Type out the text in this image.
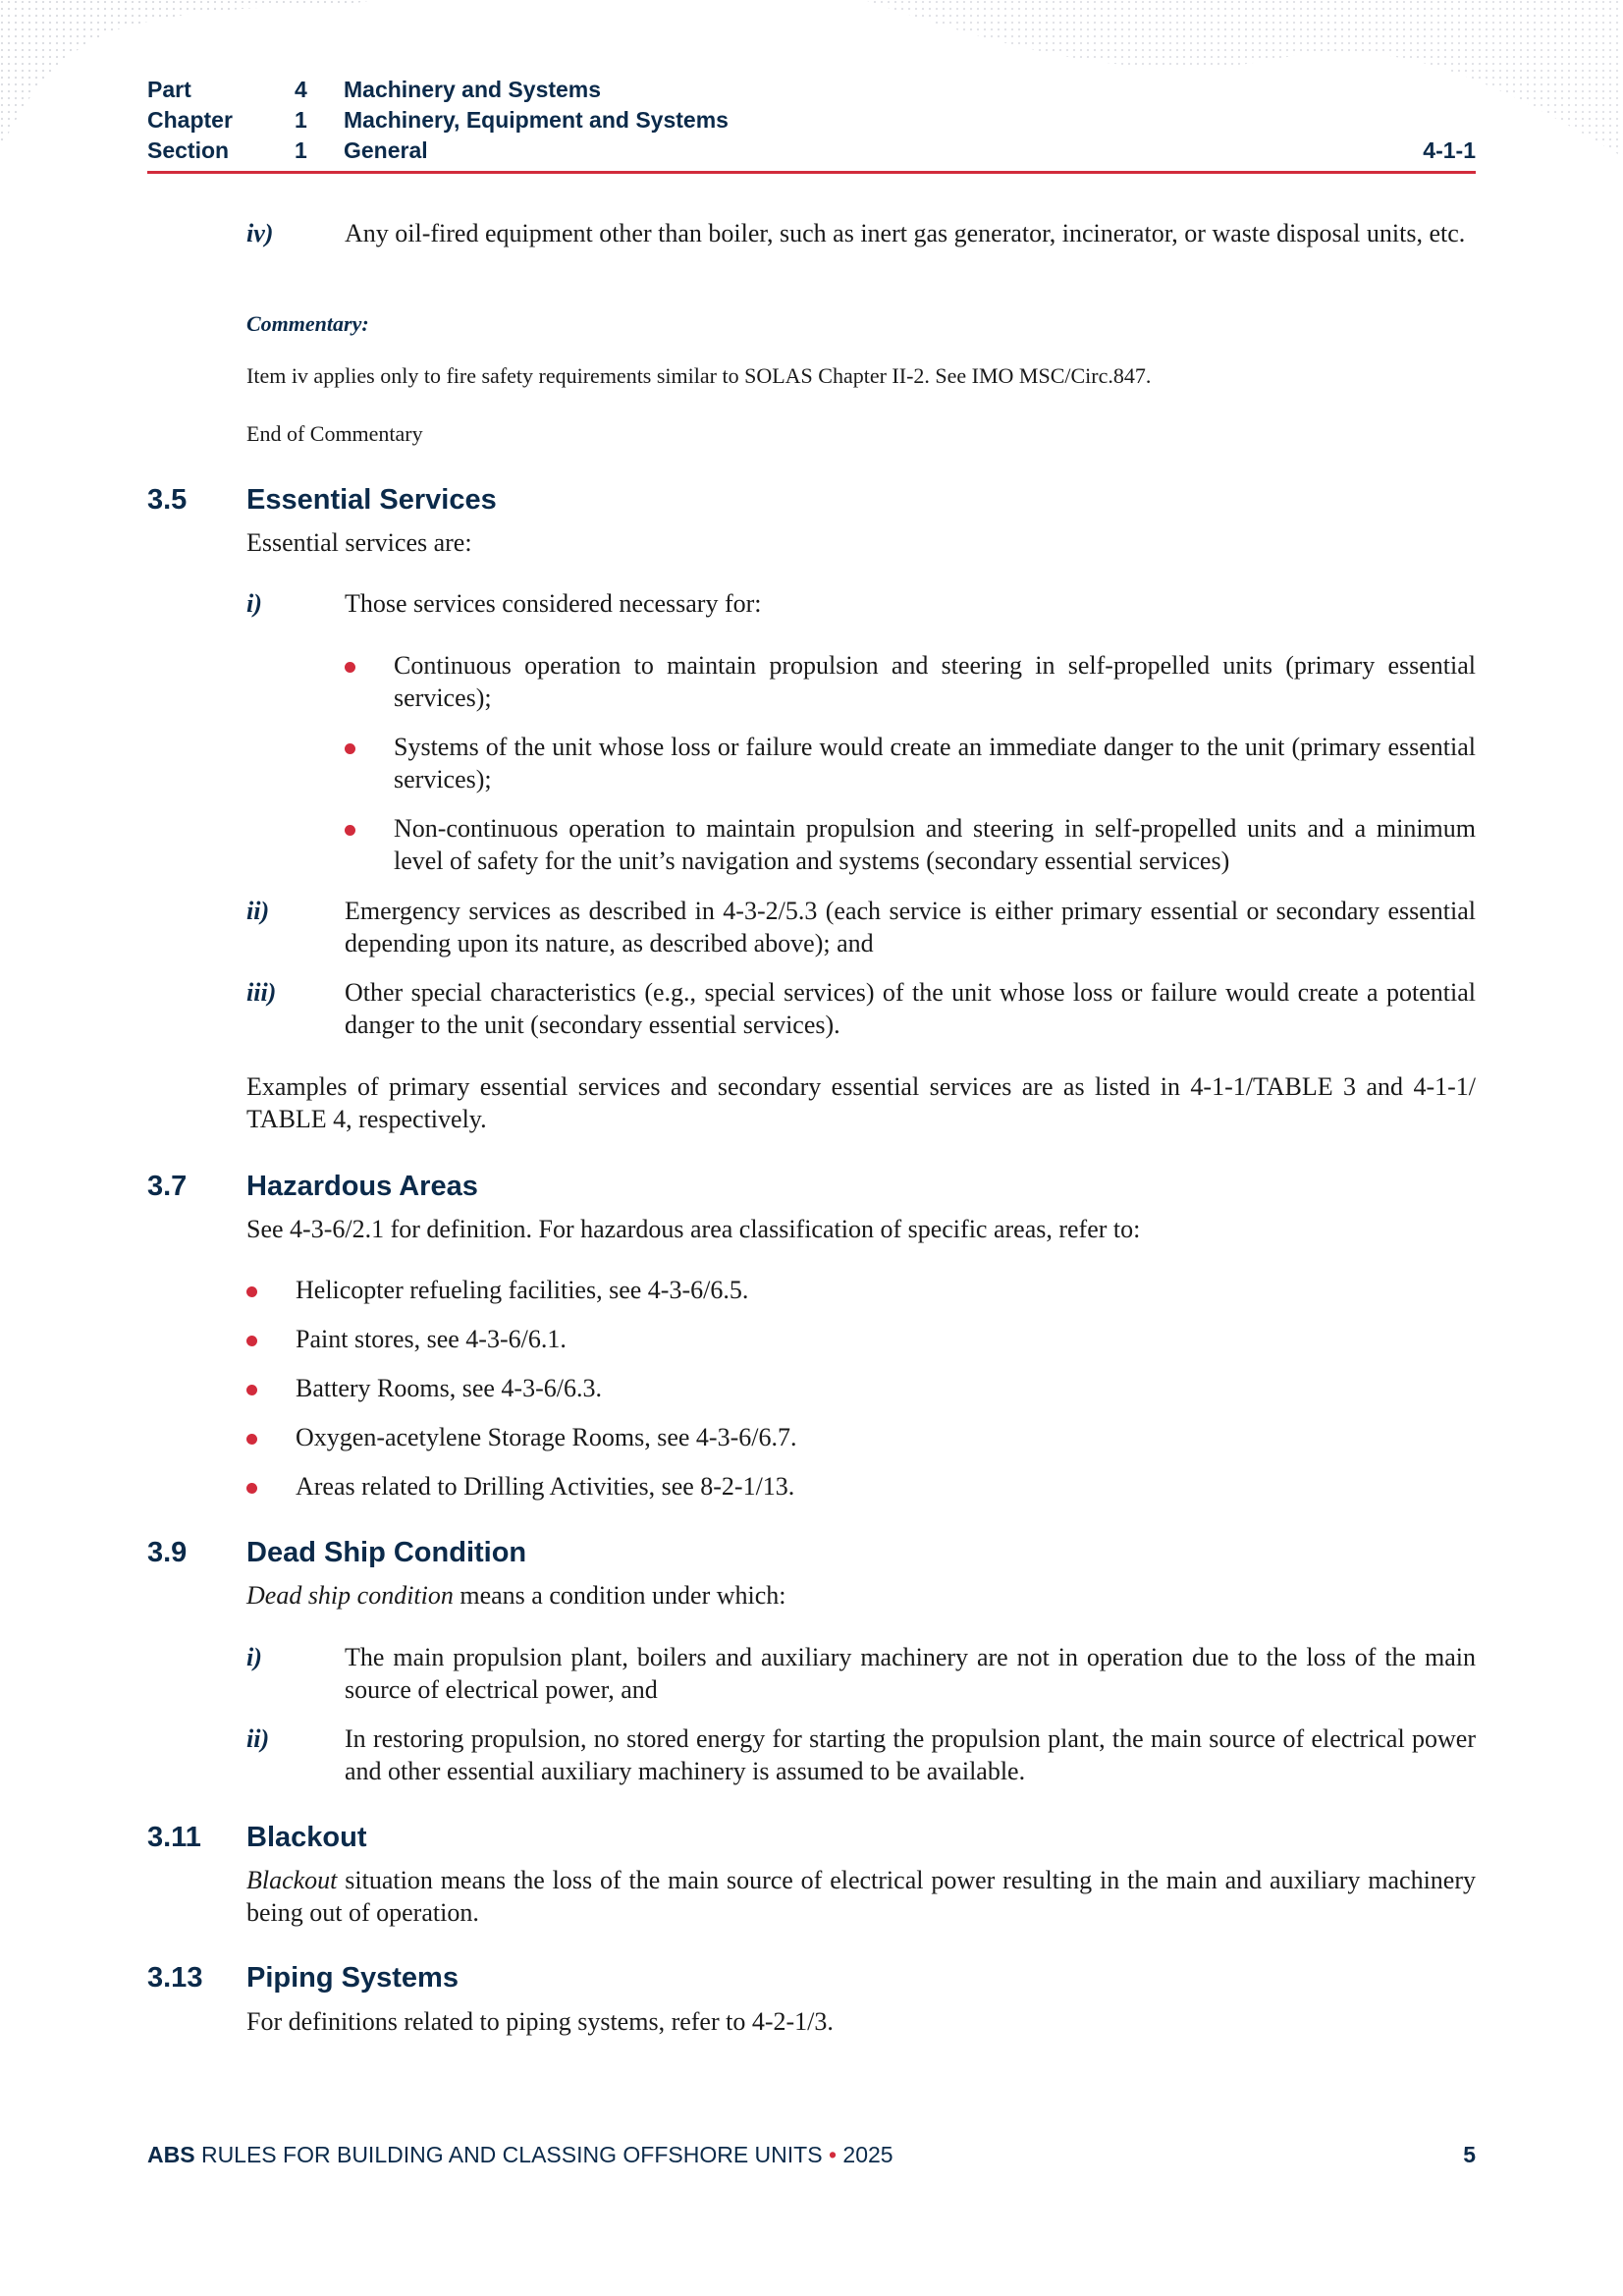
Part	4 Machinery and Systems
Chapter	1 Machinery, Equipment and Systems
Section	1 General	4-1-1
iv)	Any oil-fired equipment other than boiler, such as inert gas generator, incinerator, or waste disposal units, etc.
Commentary:
Item iv applies only to fire safety requirements similar to SOLAS Chapter II-2. See IMO MSC/Circ.847.
End of Commentary
3.5 Essential Services
Essential services are:
i)	Those services considered necessary for:
Continuous operation to maintain propulsion and steering in self-propelled units (primary essential services);
Systems of the unit whose loss or failure would create an immediate danger to the unit (primary essential services);
Non-continuous operation to maintain propulsion and steering in self-propelled units and a minimum level of safety for the unit’s navigation and systems (secondary essential services)
ii)	Emergency services as described in 4-3-2/5.3 (each service is either primary essential or secondary essential depending upon its nature, as described above); and
iii)	Other special characteristics (e.g., special services) of the unit whose loss or failure would create a potential danger to the unit (secondary essential services).
Examples of primary essential services and secondary essential services are as listed in 4-1-1/TABLE 3 and 4-1-1/ TABLE 4, respectively.
3.7 Hazardous Areas
See 4-3-6/2.1 for definition. For hazardous area classification of specific areas, refer to:
Helicopter refueling facilities, see 4-3-6/6.5.
Paint stores, see 4-3-6/6.1.
Battery Rooms, see 4-3-6/6.3.
Oxygen-acetylene Storage Rooms, see 4-3-6/6.7.
Areas related to Drilling Activities, see 8-2-1/13.
3.9 Dead Ship Condition
Dead ship condition means a condition under which:
i)	The main propulsion plant, boilers and auxiliary machinery are not in operation due to the loss of the main source of electrical power, and
ii)	In restoring propulsion, no stored energy for starting the propulsion plant, the main source of electrical power and other essential auxiliary machinery is assumed to be available.
3.11 Blackout
Blackout situation means the loss of the main source of electrical power resulting in the main and auxiliary machinery being out of operation.
3.13 Piping Systems
For definitions related to piping systems, refer to 4-2-1/3.
ABS RULES FOR BUILDING AND CLASSING OFFSHORE UNITS • 2025	5
